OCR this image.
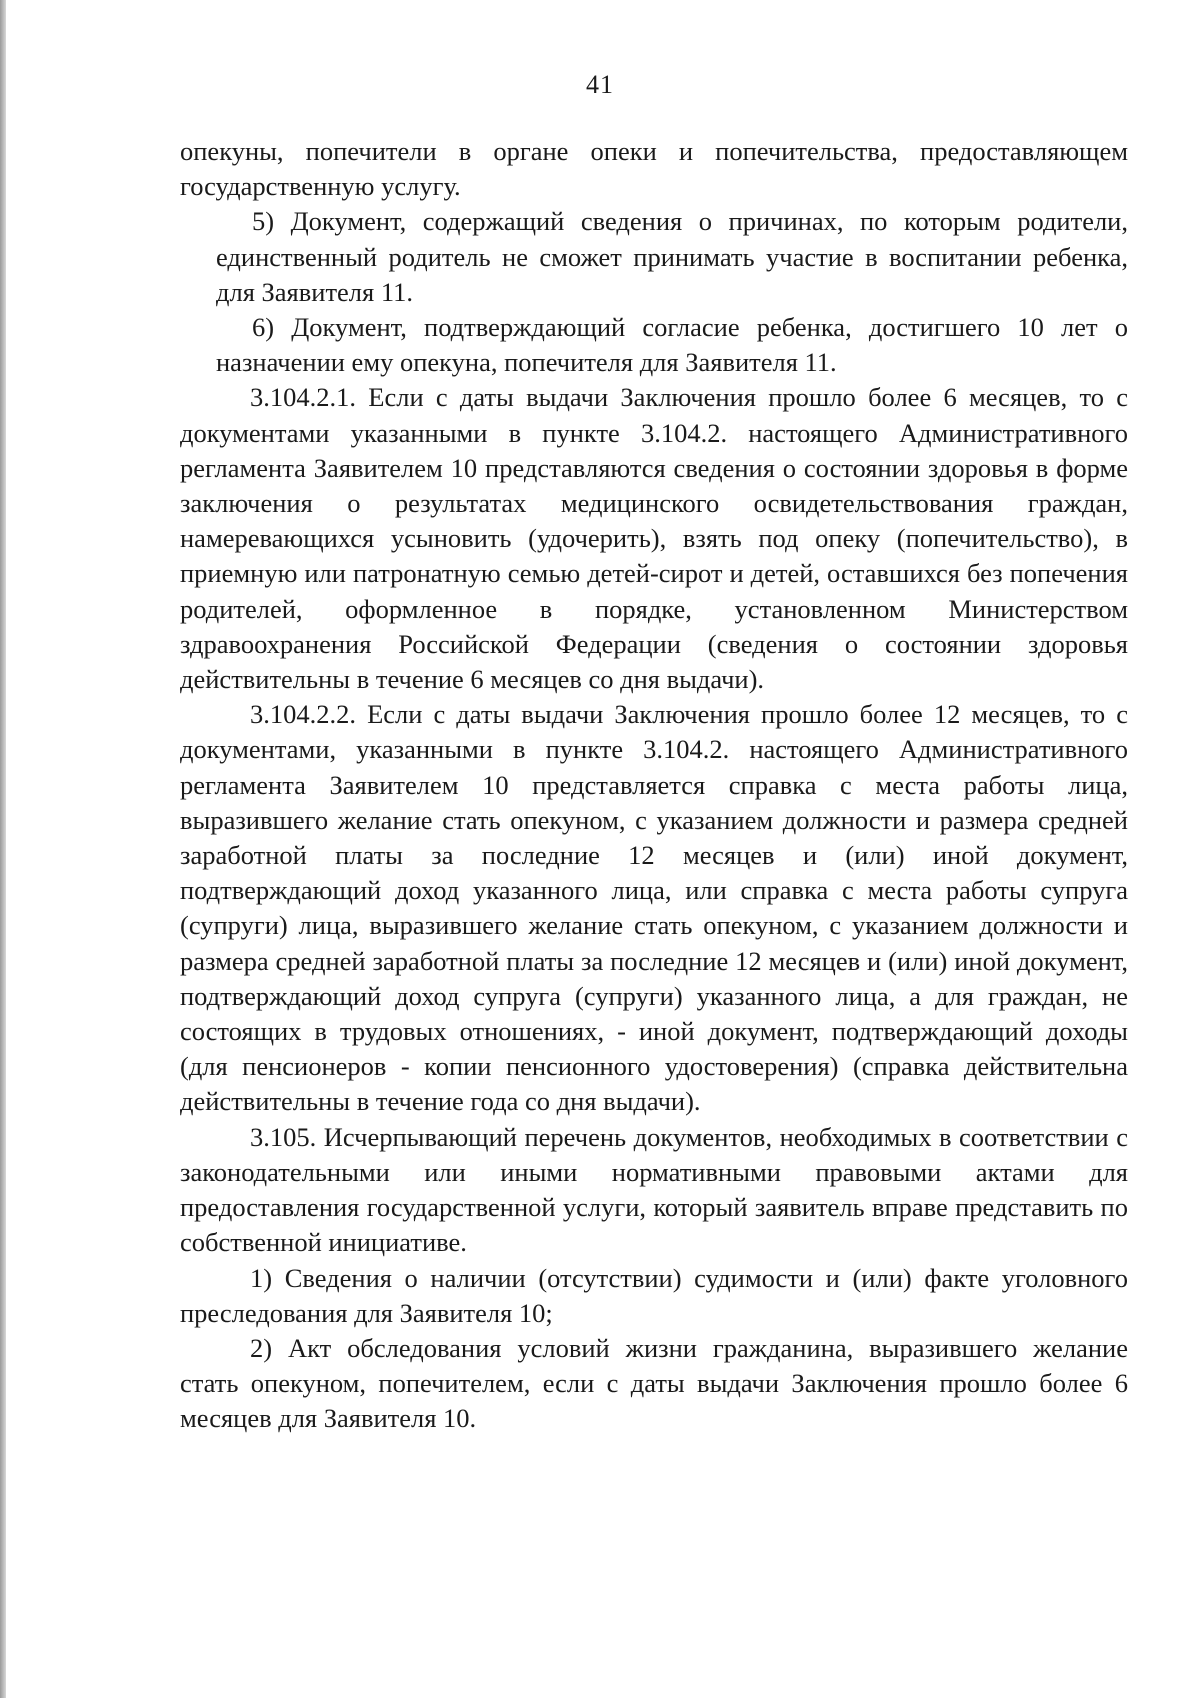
41

опекуны, попечители в органе опеки и попечительства, предоставляющем государственную услугу.

5) Документ, содержащий сведения о причинах, по которым родители, единственный родитель не сможет принимать участие в воспитании ребенка, для Заявителя 11.

6) Документ, подтверждающий согласие ребенка, достигшего 10 лет о назначении ему опекуна, попечителя для Заявителя 11.

3.104.2.1. Если с даты выдачи Заключения прошло более 6 месяцев, то с документами указанными в пункте 3.104.2. настоящего Административного регламента Заявителем 10 представляются сведения о состоянии здоровья в форме заключения о результатах медицинского освидетельствования граждан, намеревающихся усыновить (удочерить), взять под опеку (попечительство), в приемную или патронатную семью детей-сирот и детей, оставшихся без попечения родителей, оформленное в порядке, установленном Министерством здравоохранения Российской Федерации (сведения о состоянии здоровья действительны в течение 6 месяцев со дня выдачи).

3.104.2.2. Если с даты выдачи Заключения прошло более 12 месяцев, то с документами, указанными в пункте 3.104.2. настоящего Административного регламента Заявителем 10 представляется справка с места работы лица, выразившего желание стать опекуном, с указанием должности и размера средней заработной платы за последние 12 месяцев и (или) иной документ, подтверждающий доход указанного лица, или справка с места работы супруга (супруги) лица, выразившего желание стать опекуном, с указанием должности и размера средней заработной платы за последние 12 месяцев и (или) иной документ, подтверждающий доход супруга (супруги) указанного лица, а для граждан, не состоящих в трудовых отношениях, - иной документ, подтверждающий доходы (для пенсионеров - копии пенсионного удостоверения) (справка действительна действительны в течение года со дня выдачи).

3.105. Исчерпывающий перечень документов, необходимых в соответствии с законодательными или иными нормативными правовыми актами для предоставления государственной услуги, который заявитель вправе представить по собственной инициативе.

1) Сведения о наличии (отсутствии) судимости и (или) факте уголовного преследования для Заявителя 10;

2) Акт обследования условий жизни гражданина, выразившего желание стать опекуном, попечителем, если с даты выдачи Заключения прошло более 6 месяцев для Заявителя 10.
